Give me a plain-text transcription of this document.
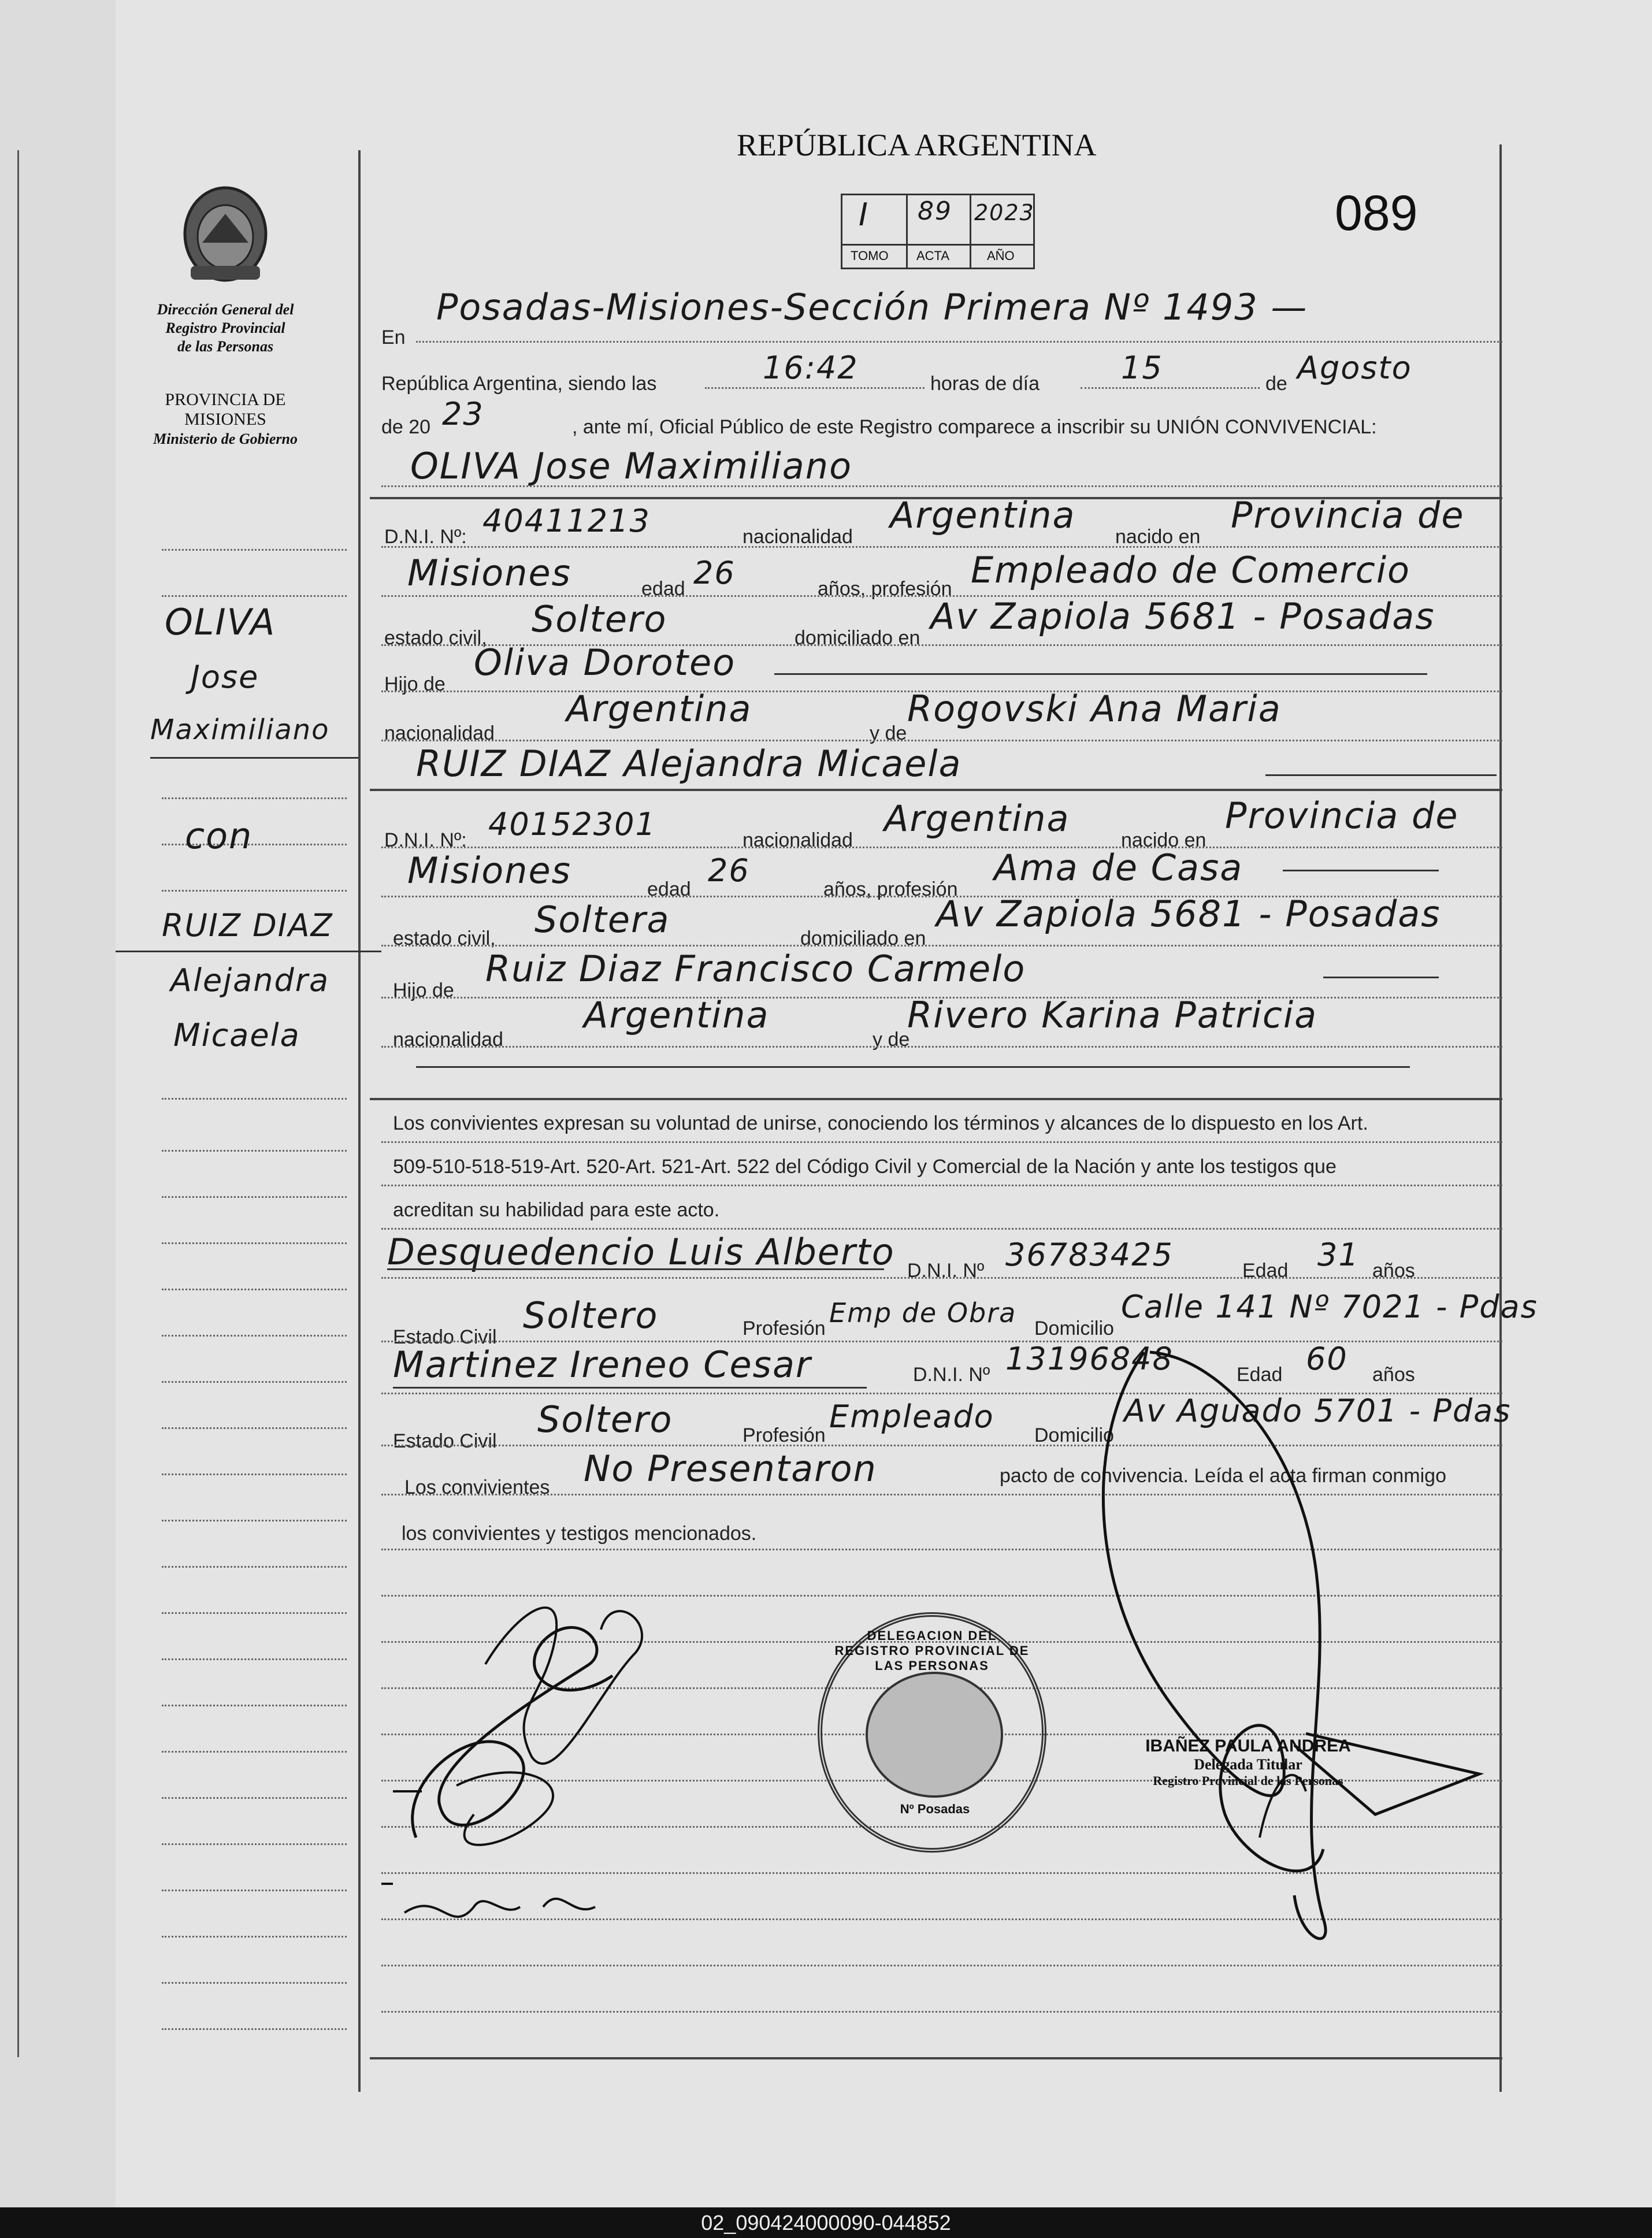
REPÚBLICA ARGENTINA
089
I 89 2023
TOMO ACTA	AÑO
Dirección General del
Registro Provincial
de las Personas
PROVINCIA DE
MISIONES
Ministerio de Gobierno
OLIVA
Jose
Maximiliano
con
RUIZ DIAZ
Alejandra
Micaela
En
Posadas-Misiones-Sección Primera Nº 1493 —
República Argentina, siendo las	16:42	horas de día	15	de Agosto
de 20 23	, ante mí, Oficial Público de este Registro comparece a inscribir su UNIÓN CONVIVENCIAL:
OLIVA Jose Maximiliano
D.N.I. Nº: 40411213	nacionalidad
Argentina
nacido en
Provincia de
Misiones	edad 26	años, profesión Empleado de Comercio
estado civil, Soltero	domiciliado en
Av Zapiola 5681 - Posadas
Hijo de
Oliva Doroteo
nacionalidad
Argentina
y de
Rogovski Ana Maria
RUIZ DIAZ Alejandra Micaela
D.N.I. Nº: 40152301	nacionalidad
Argentina
nacido en
Provincia de
Misiones	edad
26
años, profesión
Ama de Casa
estado civil, Soltera	domiciliado en
Av Zapiola 5681 - Posadas
Hijo de
Ruiz Diaz Francisco Carmelo
nacionalidad
Argentina
y de
Rivero Karina Patricia
Los convivientes expresan su voluntad de unirse, conociendo los términos y alcances de lo dispuesto en los Art.
509-510-518-519-Art. 520-Art. 521-Art. 522 del Código Civil y Comercial de la Nación y ante los testigos que
acreditan su habilidad para este acto.
Desquedencio Luis Alberto D.N.I. Nº 36783425	Edad 31 años
Estado Civil
Soltero	Profesión Emp de Obra Domicilio
Calle 141 Nº 7021 - Pdas
Martinez Ireneo Cesar	D.N.I. Nº 13196848	Edad 60 años
Estado Civil
Soltero	Profesión
Empleado
Domicilio
Av Aguado 5701 - Pdas
Los convivientes No Presentaron	pacto de convivencia. Leída el acta firman conmigo
los convivientes y testigos mencionados.
DELEGACION DEL REGISTRO PROVINCIAL DE LAS PERSONAS
Nº Posadas
IBAÑEZ PAULA ANDREA
Delegada Titular
Registro Provincial de las Personas
02_090424000090-044852
